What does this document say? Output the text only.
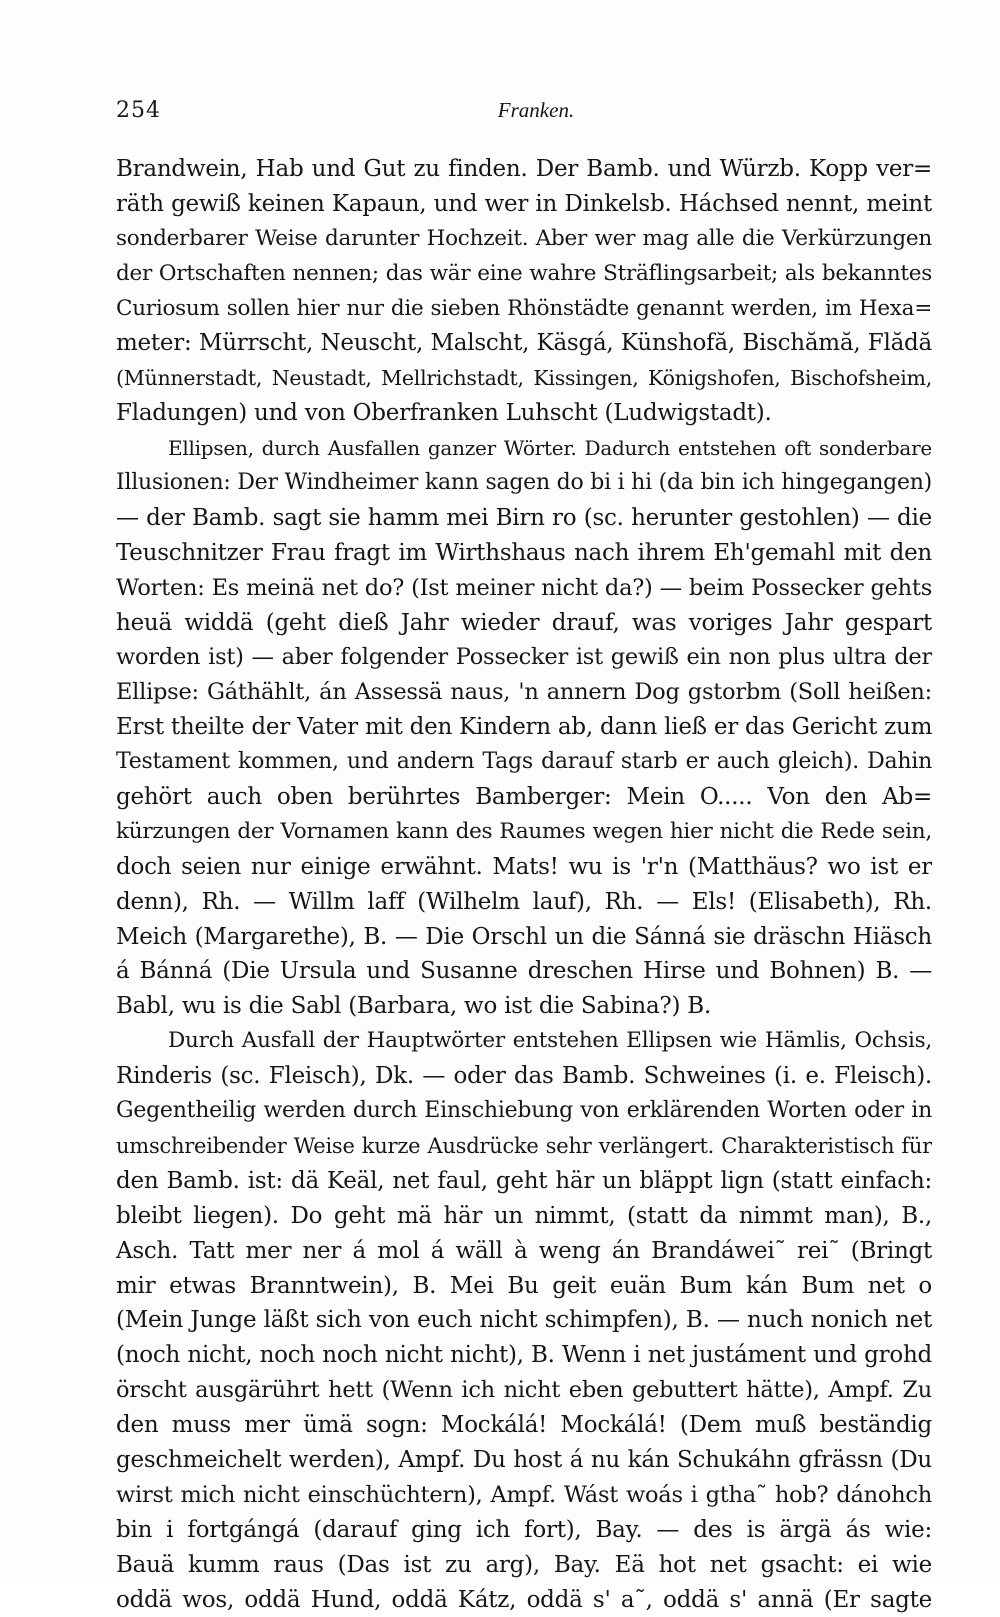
254	Franken.
Brandwein, Hab und Gut zu finden. Der Bamb. und Würzb. Kopp ver=
räth gewiß keinen Kapaun, und wer in Dinkelsb. Háchsed nennt, meint
sonderbarer Weise darunter Hochzeit. Aber wer mag alle die Verkürzungen
der Ortschaften nennen; das wär eine wahre Sträflingsarbeit; als bekanntes
Curiosum sollen hier nur die sieben Rhönstädte genannt werden, im Hexa=
meter: Mürrscht, Neuscht, Malscht, Käsgá, Künshofă, Bischămă, Flădă
(Münnerstadt, Neustadt, Mellrichstadt, Kissingen, Königshofen, Bischofsheim,
Fladungen) und von Oberfranken Luhscht (Ludwigstadt).
Ellipsen, durch Ausfallen ganzer Wörter. Dadurch entstehen oft sonderbare
Illusionen: Der Windheimer kann sagen do bi i hi (da bin ich hingegangen)
— der Bamb. sagt sie hamm mei Birn ro (sc. herunter gestohlen) — die
Teuschnitzer Frau fragt im Wirthshaus nach ihrem Eh'gemahl mit den
Worten: Es meinä net do? (Ist meiner nicht da?) — beim Possecker gehts
heuä widdä (geht dieß Jahr wieder drauf, was voriges Jahr gespart
worden ist) — aber folgender Possecker ist gewiß ein non plus ultra der
Ellipse: Gáthählt, án Assessä naus, 'n annern Dog gstorbm (Soll heißen:
Erst theilte der Vater mit den Kindern ab, dann ließ er das Gericht zum
Testament kommen, und andern Tags darauf starb er auch gleich). Dahin
gehört auch oben berührtes Bamberger: Mein O..... Von den Ab=
kürzungen der Vornamen kann des Raumes wegen hier nicht die Rede sein,
doch seien nur einige erwähnt. Mats! wu is 'r'n (Matthäus? wo ist er
denn), Rh. — Willm laff (Wilhelm lauf), Rh. — Els! (Elisabeth), Rh.
Meich (Margarethe), B. — Die Orschl un die Sánná sie dräschn Hiäsch
á Bánná (Die Ursula und Susanne dreschen Hirse und Bohnen) B. —
Babl, wu is die Sabl (Barbara, wo ist die Sabina?) B.
Durch Ausfall der Hauptwörter entstehen Ellipsen wie Hämlis, Ochsis,
Rinderis (sc. Fleisch), Dk. — oder das Bamb. Schweines (i. e. Fleisch).
Gegentheilig werden durch Einschiebung von erklärenden Worten oder in
umschreibender Weise kurze Ausdrücke sehr verlängert. Charakteristisch für
den Bamb. ist: dä Keäl, net faul, geht här un bläppt lign (statt einfach:
bleibt liegen). Do geht mä här un nimmt, (statt da nimmt man), B.,
Asch. Tatt mer ner á mol á wäll à weng án Brandáwei˜ rei˜ (Bringt
mir etwas Branntwein), B. Mei Bu geit euän Bum kán Bum net o
(Mein Junge läßt sich von euch nicht schimpfen), B. — nuch nonich net
(noch nicht, noch noch nicht nicht), B. Wenn i net justáment und grohd
örscht ausgärührt hett (Wenn ich nicht eben gebuttert hätte), Ampf. Zu
den muss mer ümä sogn: Mockálá! Mockálá! (Dem muß beständig
geschmeichelt werden), Ampf. Du host á nu kán Schukáhn gfrässn (Du
wirst mich nicht einschüchtern), Ampf. Wást woás i gtha˜ hob? dánohch
bin i fortgángá (darauf ging ich fort), Bay. — des is ärgä ás wie:
Bauä kumm raus (Das ist zu arg), Bay. Eä hot net gsacht: ei wie
oddä wos, oddä Hund, oddä Kátz, oddä s' a˜, oddä s' annä (Er sagte
